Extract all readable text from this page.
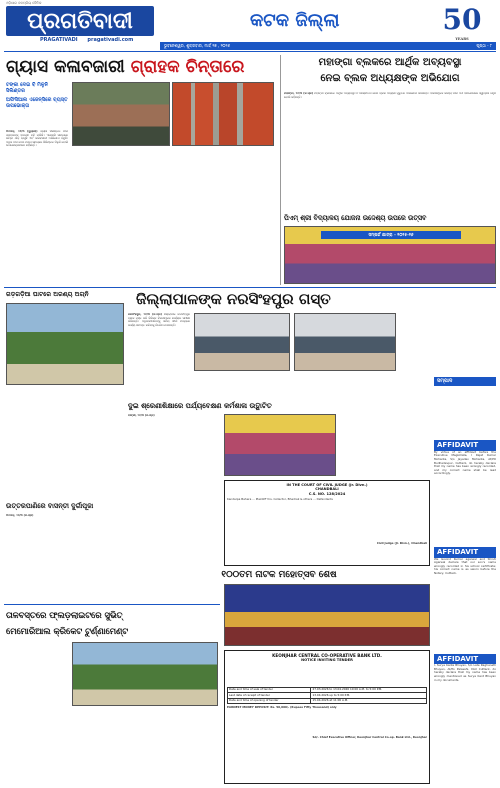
ଓଡ଼ିଶାର ଜନପ୍ରିୟ ଦୈନିକ
ପ୍ରଗତିବାଦୀ
PRAGATIVADI pragativadi.com
କଟକ ଜିଲ୍ଲା	50
YEARS
ଭୁବନେଶ୍ୱର, ଶୁକ୍ରବାର, ମାର୍ଚ୍ଚ୍ ୨୭ , ୨୦୨୬	ପୃଷ୍ଠା - ୮
ଗ୍ୟାସ କଳାବଜାରୀ ଗ୍ରାହକ ଚିନ୍ତାରେ
ଟଙ୍କା ଦେଇ ବି ମିଳୁନି ସିଲିଣ୍ଡର
ଅଫିସିଆଲ ଏଜେନ୍ସିରେ ବ୍ୟସ୍ତ ଉପଭୋକ୍ତା
ଅଠଗଡ଼, ୨୬/୩ (ବ୍ୟୁରୋ) ଗ୍ୟାସ ସିଲିଣ୍ଡର ପାଇଁ ଗ୍ରାହକଙ୍କ ହଇରାଣ ବଢ଼ି ଚାଲିଛି। ଏଜେନ୍ସି ସାମ୍ନାରେ ଲମ୍ବା ଧାଡ଼ି ଲାଗୁଛି ଏବଂ କଳାବଜାରୀ ଅଭିଯୋଗ ବଢୁଛି। ଅଧିକ ଦାମ ଦେଇ ମଧ୍ୟ ସମୟରେ ସିଲିଣ୍ଡର ମିଳୁନି ବୋଲି ଉପଭୋକ୍ତାମାନେ କହିଛନ୍ତି।
ମହାଙ୍ଗା ବ୍ଲକରେ ଆର୍ଥିକ ଅବ୍ୟବସ୍ଥା
ନେଇ ବ୍ଲକ ଅଧ୍ୟକ୍ଷଙ୍କ ଅଭିଯୋଗ
ମହାଙ୍ଗା, ୨୬/୩ (ନି.ପ୍ର) ମହାଙ୍ଗା ବ୍ଲକରେ ଆର୍ଥିକ ଅବ୍ୟବସ୍ଥା ଓ ଅନିୟମିତତା ନେଇ ବ୍ଲକ ଅଧ୍ୟକ୍ଷ ଗୁରୁତର ଅଭିଯୋଗ କରିଛନ୍ତି। ବିକାଶମୂଳକ କାର୍ଯ୍ୟ ପାଇଁ ଅର୍ଥ ବିନିଯୋଗରେ ସ୍ୱଚ୍ଛତା ରହୁନି ବୋଲି କହିଛନ୍ତି।
ପିଏମ୍ ଶ୍ରୀ ବିଦ୍ୟାଳୟ ଯୋଜନା ଉଦ୍ଦେଶ୍ୟ ଉପରେ ଉତ୍ସବ
ସମ୍ପର୍କ ଯାତ୍ରା - ୨୦୨୫-୨୬
ଗଡ଼ଗଡ଼ିଆ ଘାଟରେ ଅରଣ୍ୟ ଅଗ୍ନି	ଜିଲ୍ଲାପାଳଙ୍କ ନରସିଂହପୁର ଗସ୍ତ
ନରସିଂହପୁର, ୨୬/୩ (ନି.ପ୍ର) ଜିଲ୍ଲାପାଳ ନରସିଂହପୁର ବ୍ଲକ ଗସ୍ତ କରି ବିଭିନ୍ନ ବିକାଶମୂଳକ କାର୍ଯ୍ୟର ସମୀକ୍ଷା କରିଛନ୍ତି। ଅଧିକାରୀମାନଙ୍କୁ ସମୟ ସୀମା ମଧ୍ୟରେ କାର୍ଯ୍ୟ ସମାପ୍ତ କରିବାକୁ ନିର୍ଦ୍ଦେଶ ଦେଇଛନ୍ତି।
ସମ୍ପାଦ
ଦୁଇ ଶ୍ରେଣୀଶିକ୍ଷାରେ ପର୍ଯ୍ୟବେକ୍ଷଣ କର୍ମଶାଳା ଉଦ୍ଘାଟିତ
ବାଙ୍କୀ, ୨୬/୩ (ନି.ପ୍ର)
ଉତ୍ତରପାଣିରେ ବାସନ୍ତୀ ଦୁର୍ଗାପୂଜା
ଅଠଗଡ଼, ୨୬/୩ (ନି.ପ୍ର)
IN THE COURT OF CIVIL JUDGE (Jr. Divn.)
CHANDBALI
C.S. NO. 128/2024
Kandarpa Behera ... Plaintiff Vrs. Collector, Bhadrak & others ... Defendants
Civil Judge (Jr. Divn.), Chandbali
ତାଳବସ୍ତରେ ଫ୍ଲଡ଼ଲାଇଟରେ ସୁଭିତ୍
ମେମୋରିଆଲ କ୍ରିକେଟ ଟୁର୍ଣ୍ଣାମେଣ୍ଟ
୧୦୦ତମ ନାଟକ ମହୋତ୍ସବ ଶେଷ
KEONJHAR CENTRAL CO-OPERATIVE BANK LTD.
NOTICE INVITING TENDER
Date and time of sale of tender	27.03.2026 to 13.04.2026 10:00 A.M. to 5:00 P.M.
Last date of receipt of tender	13.04.2026 up to 5:00 P.M.
Date and time of opening of tender	15.04.2026 at 11:00 A.M.
EARNEST MONEY DEPOSIT: Rs. 50,000/- (Rupees Fifty Thousand) only
Sd/- Chief Executive Officer, Keonjhar Central Co-op. Bank Ltd., Keonjhar
AFFIDAVIT
By virtue of an affidavit before the Executive Magistrate, I Rajat Kumar Mohanta, S/o Jayadev Mohanta, At/PO Budhadevpur, Cuttack, do hereby declare that my name has been wrongly recorded, and my correct name shall be read accordingly.
AFFIDAVIT
We Govind Kumar agarwal and Shruti Agarwal declare that our son's name wrongly recorded in his school certificate; his correct name is as sworn before the Notary, Cuttack.
AFFIDAVIT
I, Surya Kanta Bhuyan, S/o Late Raghunath Bhuyan, At/Po Palasahi, Dist Cuttack, do hereby declare that my name has been wrongly mentioned as Surya Kant Bhuyan in my documents.
